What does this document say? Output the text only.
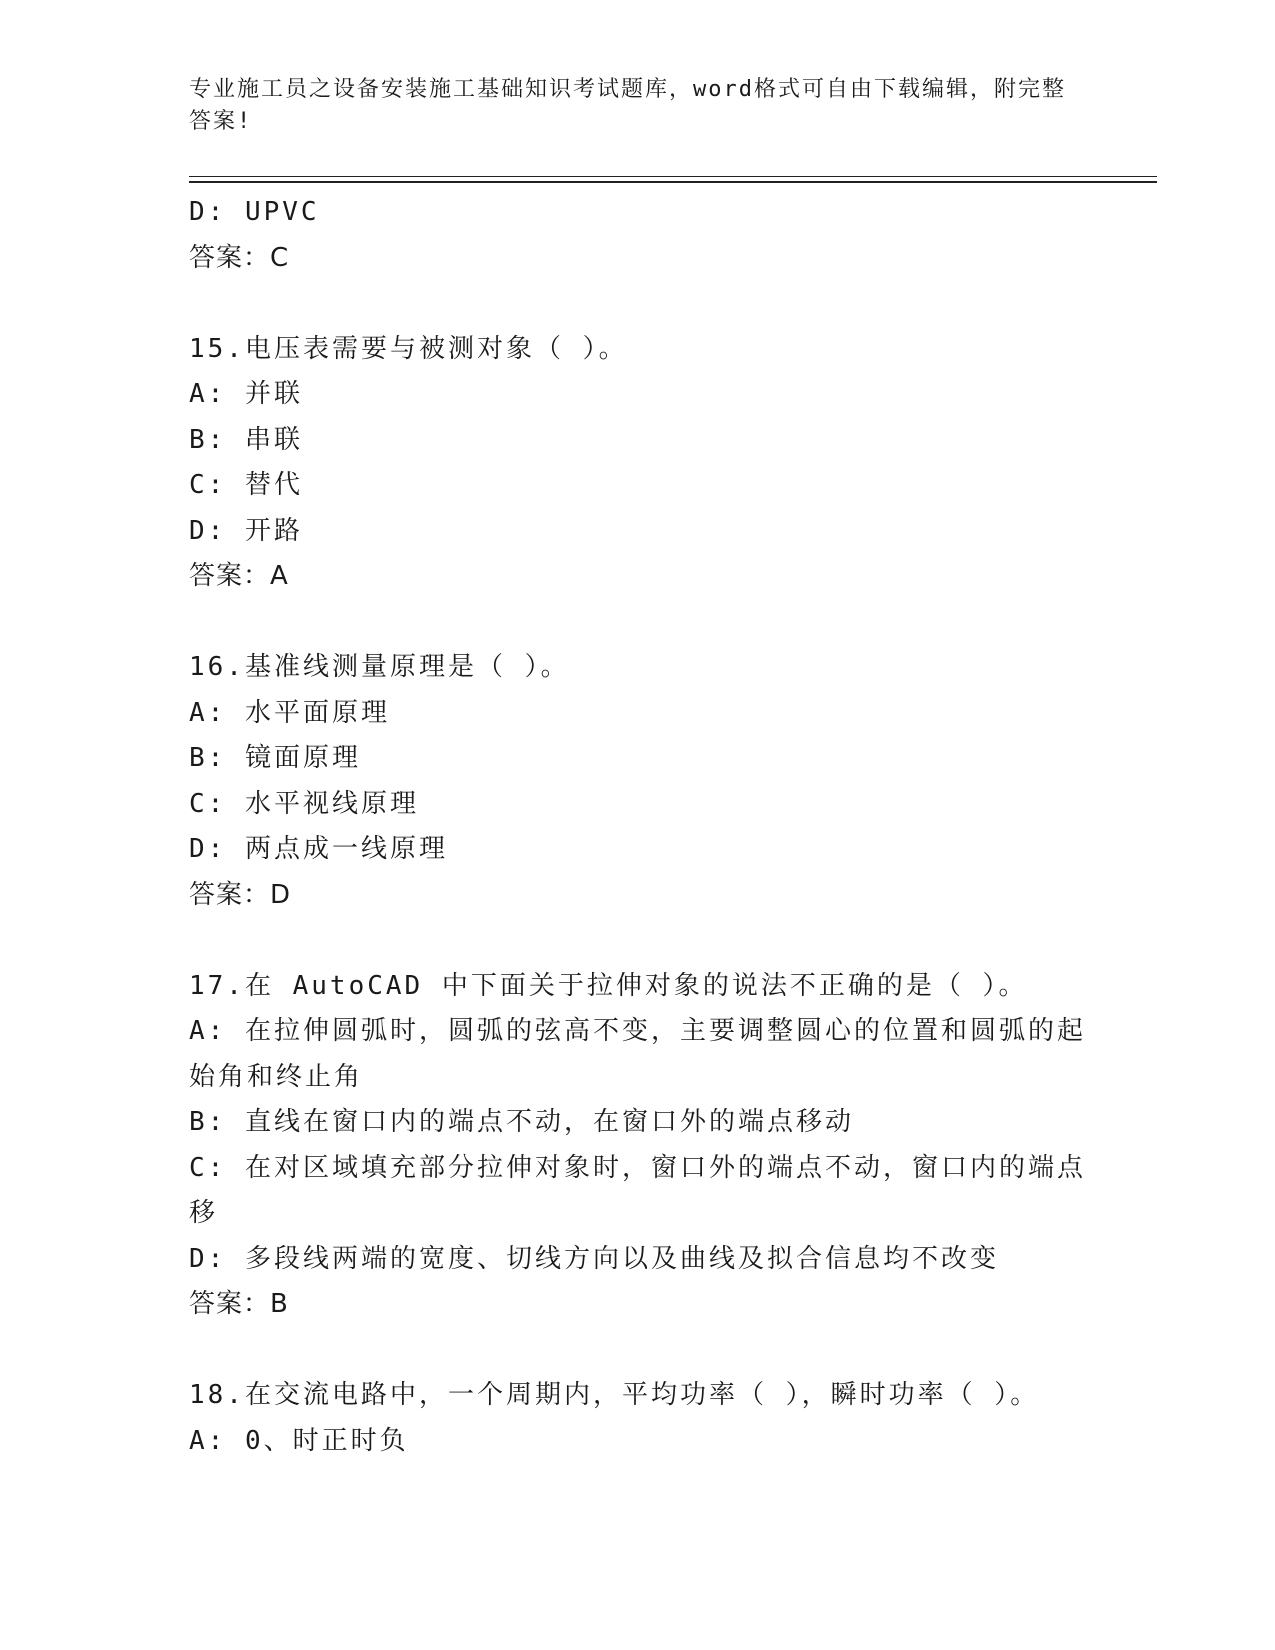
专业施工员之设备安装施工基础知识考试题库，word格式可自由下载编辑，附完整答案!
D: UPVC
答案：C
15.电压表需要与被测对象（ ）。
A: 并联
B: 串联
C: 替代
D: 开路
答案：A
16.基准线测量原理是（ ）。
A: 水平面原理
B: 镜面原理
C: 水平视线原理
D: 两点成一线原理
答案：D
17.在 AutoCAD 中下面关于拉伸对象的说法不正确的是（ ）。
A: 在拉伸圆弧时，圆弧的弦高不变，主要调整圆心的位置和圆弧的起始角和终止角
B: 直线在窗口内的端点不动，在窗口外的端点移动
C: 在对区域填充部分拉伸对象时，窗口外的端点不动，窗口内的端点移
D: 多段线两端的宽度、切线方向以及曲线及拟合信息均不改变
答案：B
18.在交流电路中，一个周期内，平均功率（ ），瞬时功率（ ）。
A: 0、时正时负
